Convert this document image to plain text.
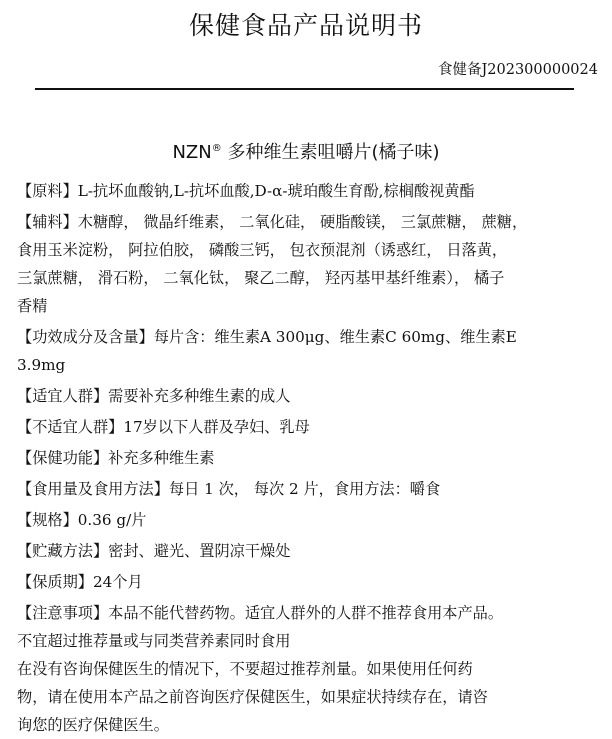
保健食品产品说明书
食健备J202300000024
NZN® 多种维生素咀嚼片(橘子味)
【原料】L-抗坏血酸钠,L-抗坏血酸,D-α-琥珀酸生育酚,棕榈酸视黄酯
【辅料】木糖醇， 微晶纤维素， 二氧化硅， 硬脂酸镁， 三氯蔗糖， 蔗糖，
食用玉米淀粉， 阿拉伯胶， 磷酸三钙， 包衣预混剂（诱惑红， 日落黄，
三氯蔗糖， 滑石粉， 二氧化钛， 聚乙二醇， 羟丙基甲基纤维素）， 橘子
香精
【功效成分及含量】每片含：维生素A 300μg、维生素C 60mg、维生素E
3.9mg
【适宜人群】需要补充多种维生素的成人
【不适宜人群】17岁以下人群及孕妇、乳母
【保健功能】补充多种维生素
【食用量及食用方法】每日 1 次， 每次 2 片，食用方法：嚼食
【规格】0.36 g/片
【贮藏方法】密封、避光、置阴凉干燥处
【保质期】24个月
【注意事项】本品不能代替药物。适宜人群外的人群不推荐食用本产品。
不宜超过推荐量或与同类营养素同时食用
在没有咨询保健医生的情况下，不要超过推荐剂量。如果使用任何药
物，请在使用本产品之前咨询医疗保健医生，如果症状持续存在，请咨
询您的医疗保健医生。
